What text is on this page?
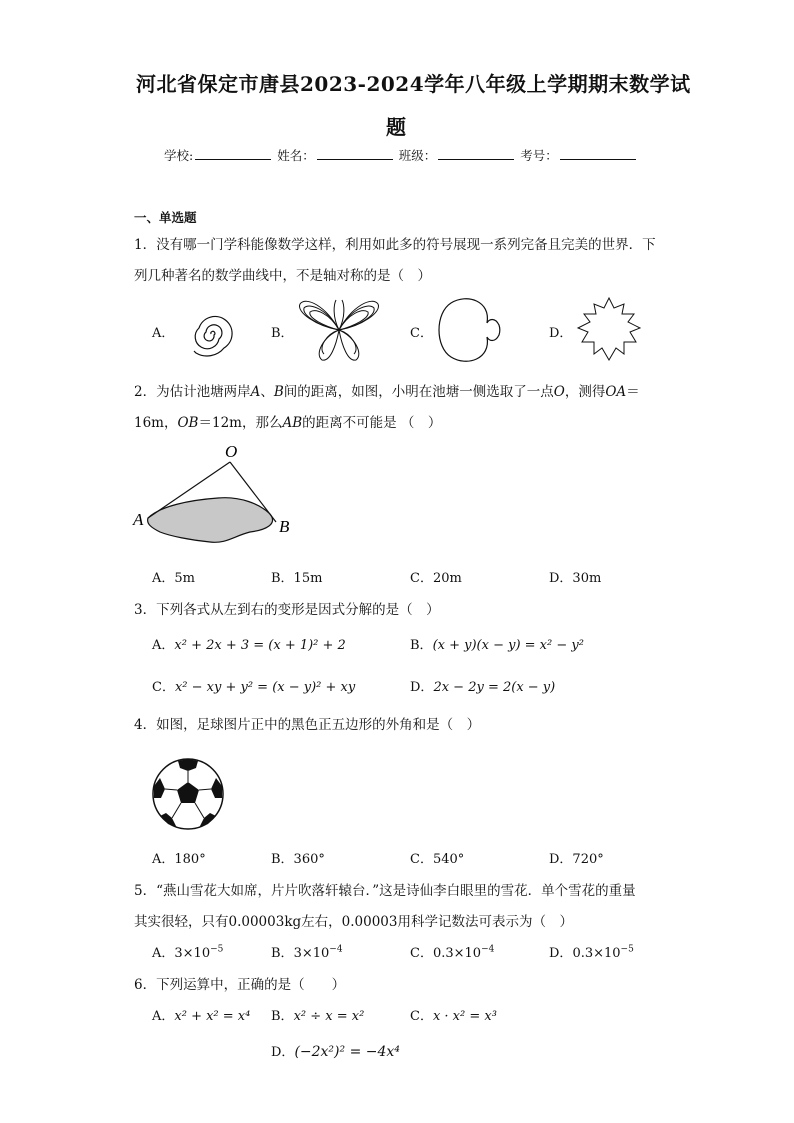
河北省保定市唐县2023-2024学年八年级上学期期末数学试
题
学校:	姓名：	班级：	考号：
一、单选题
1．没有哪一门学科能像数学这样，利用如此多的符号展现一系列完备且完美的世界．下
列几种著名的数学曲线中，不是轴对称的是（　）
A．	B．	C．	D．
2．为估计池塘两岸A、B间的距离，如图，小明在池塘一侧选取了一点O，测得OA＝
16m，OB＝12m，那么AB的距离不可能是 （　）
O
A	B
A．5m	B．15m	C．20m	D．30m
3．下列各式从左到右的变形是因式分解的是（　）
A．x² + 2x + 3 = (x + 1)² + 2	B．(x + y)(x − y) = x² − y²
C．x² − xy + y² = (x − y)² + xy	D．2x − 2y = 2(x − y)
4．如图，足球图片正中的黑色正五边形的外角和是（　）
A．180°	B．360°	C．540°	D．720°
5．“燕山雪花大如席，片片吹落轩辕台．”这是诗仙李白眼里的雪花．单个雪花的重量
其实很轻，只有0.00003kg左右，0.00003用科学记数法可表示为（　）
A．$3\times 10^{-5}$	B．$3\times 10^{-4}$	C．$0.3\times 10^{-4}$	D．$0.3\times 10^{-5}$
6．下列运算中，正确的是（　　）
A．x² + x² = x⁴ B．x² ÷ x = x²	C．x · x² = x³
D．(−2x²)² = −4x⁴
